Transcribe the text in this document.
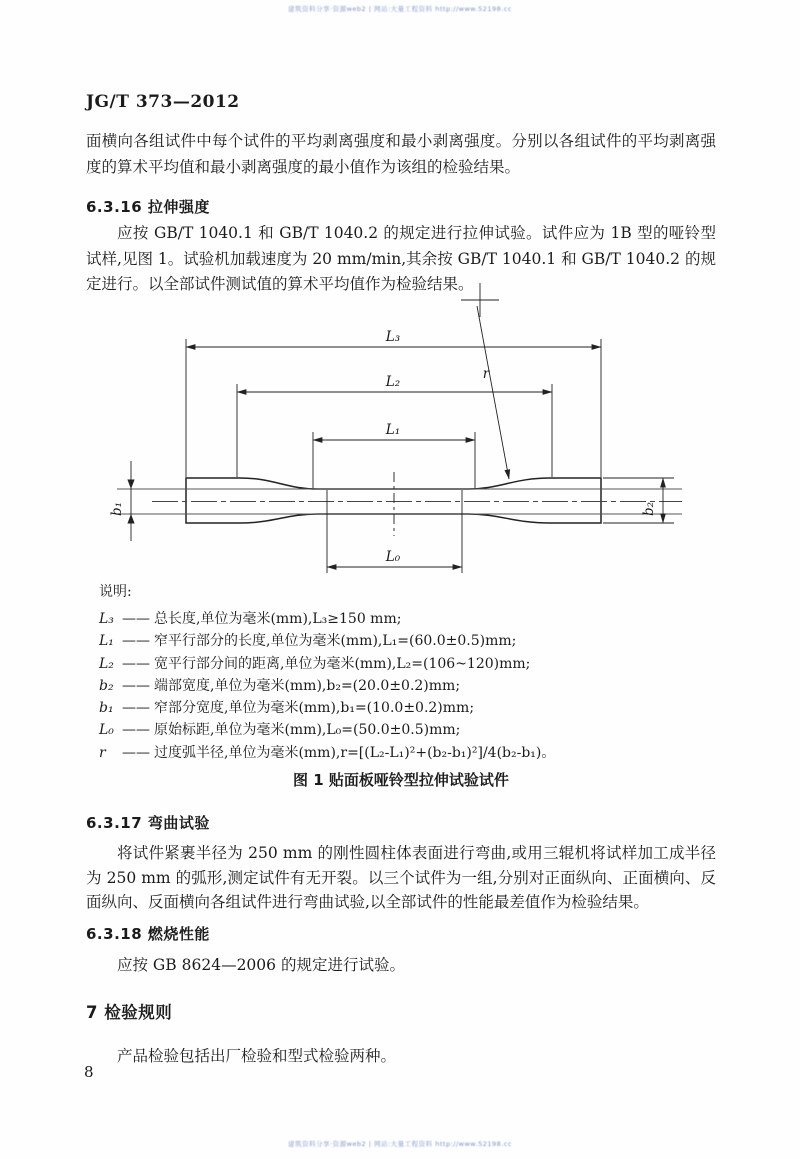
建筑资料分享·资源web2 | 网站:大量工程资料 http://www.52198.cc
建筑资料分享·资源web2 | 网站:大量工程资料 http://www.52198.cc
JG/T 373—2012

面横向各组试件中每个试件的平均剥离强度和最小剥离强度。分别以各组试件的平均剥离强度的算术平均值和最小剥离强度的最小值作为该组的检验结果。

6.3.16 拉伸强度

应按 GB/T 1040.1 和 GB/T 1040.2 的规定进行拉伸试验。试件应为 1B 型的哑铃型试样,见图 1。试验机加载速度为 20 mm/min,其余按 GB/T 1040.1 和 GB/T 1040.2 的规定进行。以全部试件测试值的算术平均值作为检验结果。

L₃
L₂
L₁
L₀
b₁	b₂
r
说明:
L₃ —— 总长度,单位为毫米(mm),L₃≥150 mm;
L₁ —— 窄平行部分的长度,单位为毫米(mm),L₁=(60.0±0.5)mm;
L₂ —— 宽平行部分间的距离,单位为毫米(mm),L₂=(106~120)mm;
b₂ —— 端部宽度,单位为毫米(mm),b₂=(20.0±0.2)mm;
b₁ —— 窄部分宽度,单位为毫米(mm),b₁=(10.0±0.2)mm;
L₀ —— 原始标距,单位为毫米(mm),L₀=(50.0±0.5)mm;
r	—— 过度弧半径,单位为毫米(mm),r=[(L₂-L₁)²+(b₂-b₁)²]/4(b₂-b₁)。

图 1 贴面板哑铃型拉伸试验试件

6.3.17 弯曲试验

将试件紧裹半径为 250 mm 的刚性圆柱体表面进行弯曲,或用三辊机将试样加工成半径为 250 mm 的弧形,测定试件有无开裂。以三个试件为一组,分别对正面纵向、正面横向、反面纵向、反面横向各组试件进行弯曲试验,以全部试件的性能最差值作为检验结果。

6.3.18 燃烧性能

应按 GB 8624—2006 的规定进行试验。

7 检验规则

产品检验包括出厂检验和型式检验两种。

8
